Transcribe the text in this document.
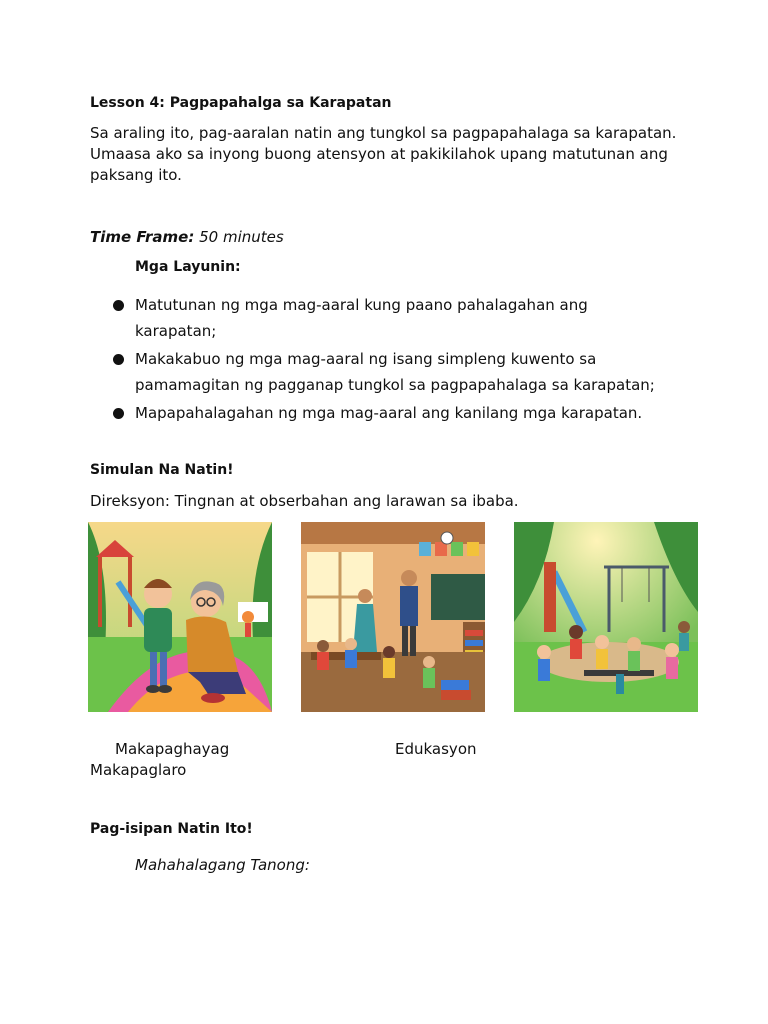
Lesson 4: Pagpapahalga sa Karapatan
Sa araling ito, pag-aaralan natin ang tungkol sa pagpapahalaga sa karapatan.
Umaasa ako sa inyong buong atensyon at pakikilahok upang matutunan ang
paksang ito.
Time Frame: 50 minutes
Mga Layunin:
Matutunan ng mga mag-aaral kung paano pahalagahan ang
karapatan;
Makakabuo ng mga mag-aaral ng isang simpleng kuwento sa
pamamagitan ng pagganap tungkol sa pagpapahalaga sa karapatan;
Mapapahalagahan ng mga mag-aaral ang kanilang mga karapatan.
Simulan Na Natin!
Direksyon: Tingnan at obserbahan ang larawan sa ibaba.
Makapaghayag	Edukasyon
Makapaglaro
Pag-isipan Natin Ito!
Mahahalagang Tanong:
